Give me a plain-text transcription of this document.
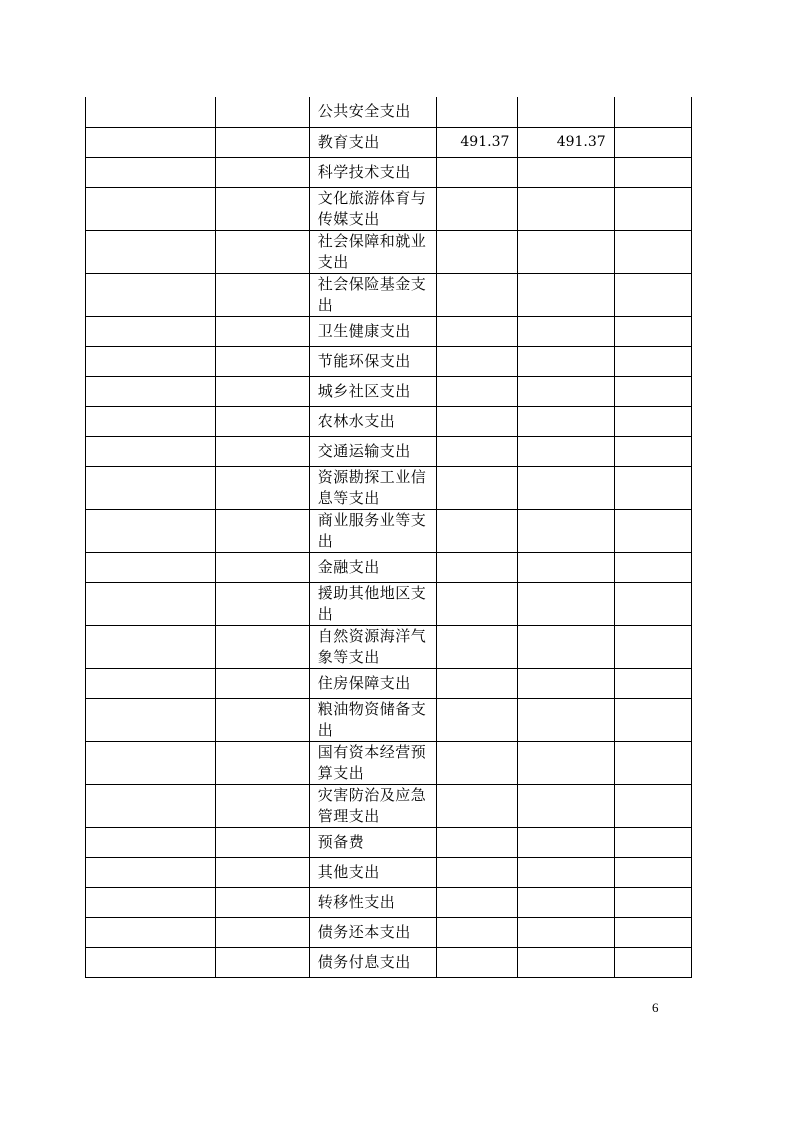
		公共安全支出			
		教育支出	491.37	491.37	
		科学技术支出			
		文化旅游体育与传媒支出			
		社会保障和就业支出			
		社会保险基金支出			
		卫生健康支出			
		节能环保支出			
		城乡社区支出			
		农林水支出			
		交通运输支出			
		资源勘探工业信息等支出			
		商业服务业等支出			
		金融支出			
		援助其他地区支出			
		自然资源海洋气象等支出			
		住房保障支出			
		粮油物资储备支出			
		国有资本经营预算支出			
		灾害防治及应急管理支出			
		预备费			
		其他支出			
		转移性支出			
		债务还本支出			
		债务付息支出			
6
